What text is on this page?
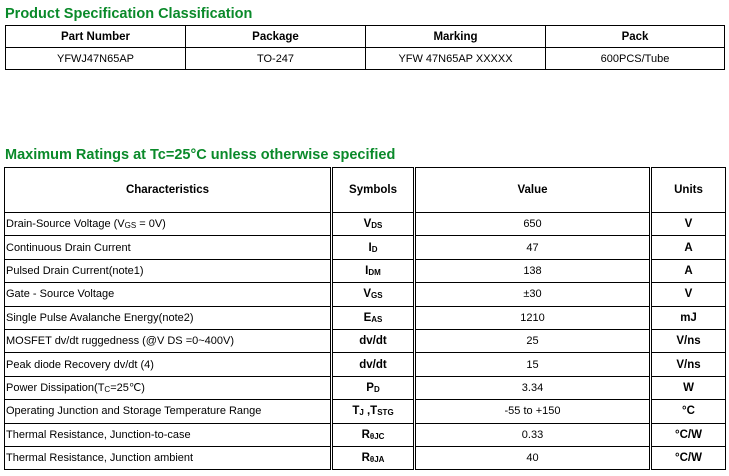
Product Specification Classification
Part Number	Package	Marking	Pack
YFWJ47N65AP	TO-247	YFW 47N65AP XXXXX	600PCS/Tube
Maximum Ratings at Tc=25°C unless otherwise specified
Characteristics	Symbols	Value	Units
Drain-Source Voltage $(V_{GS} = 0V)$	$V_{DS}$	650	V
Continuous Drain Current	$I_D$	47	A
Pulsed Drain Current(note1)	$I_{DM}$	138	A
Gate - Source Voltage	$V_{GS}$	±30	V
Single Pulse Avalanche Energy(note2)	$E_{AS}$	1210	mJ
MOSFET dv/dt ruggedness (@V DS =0~400V)	dv/dt	25	V/ns
Peak diode Recovery dv/dt (4)	dv/dt	15	V/ns
Power $Dissipation(T_C=25℃)$	$P_D$	3.34	W
Operating Junction and Storage Temperature Range	$T_J$ $,T_{STG}$	-55 to +150	°C
Thermal Resistance, Junction-to-case	$R_{\theta JC}$	0.33	°C/W
Thermal Resistance, Junction ambient	$R_{\theta JA}$	40	°C/W
